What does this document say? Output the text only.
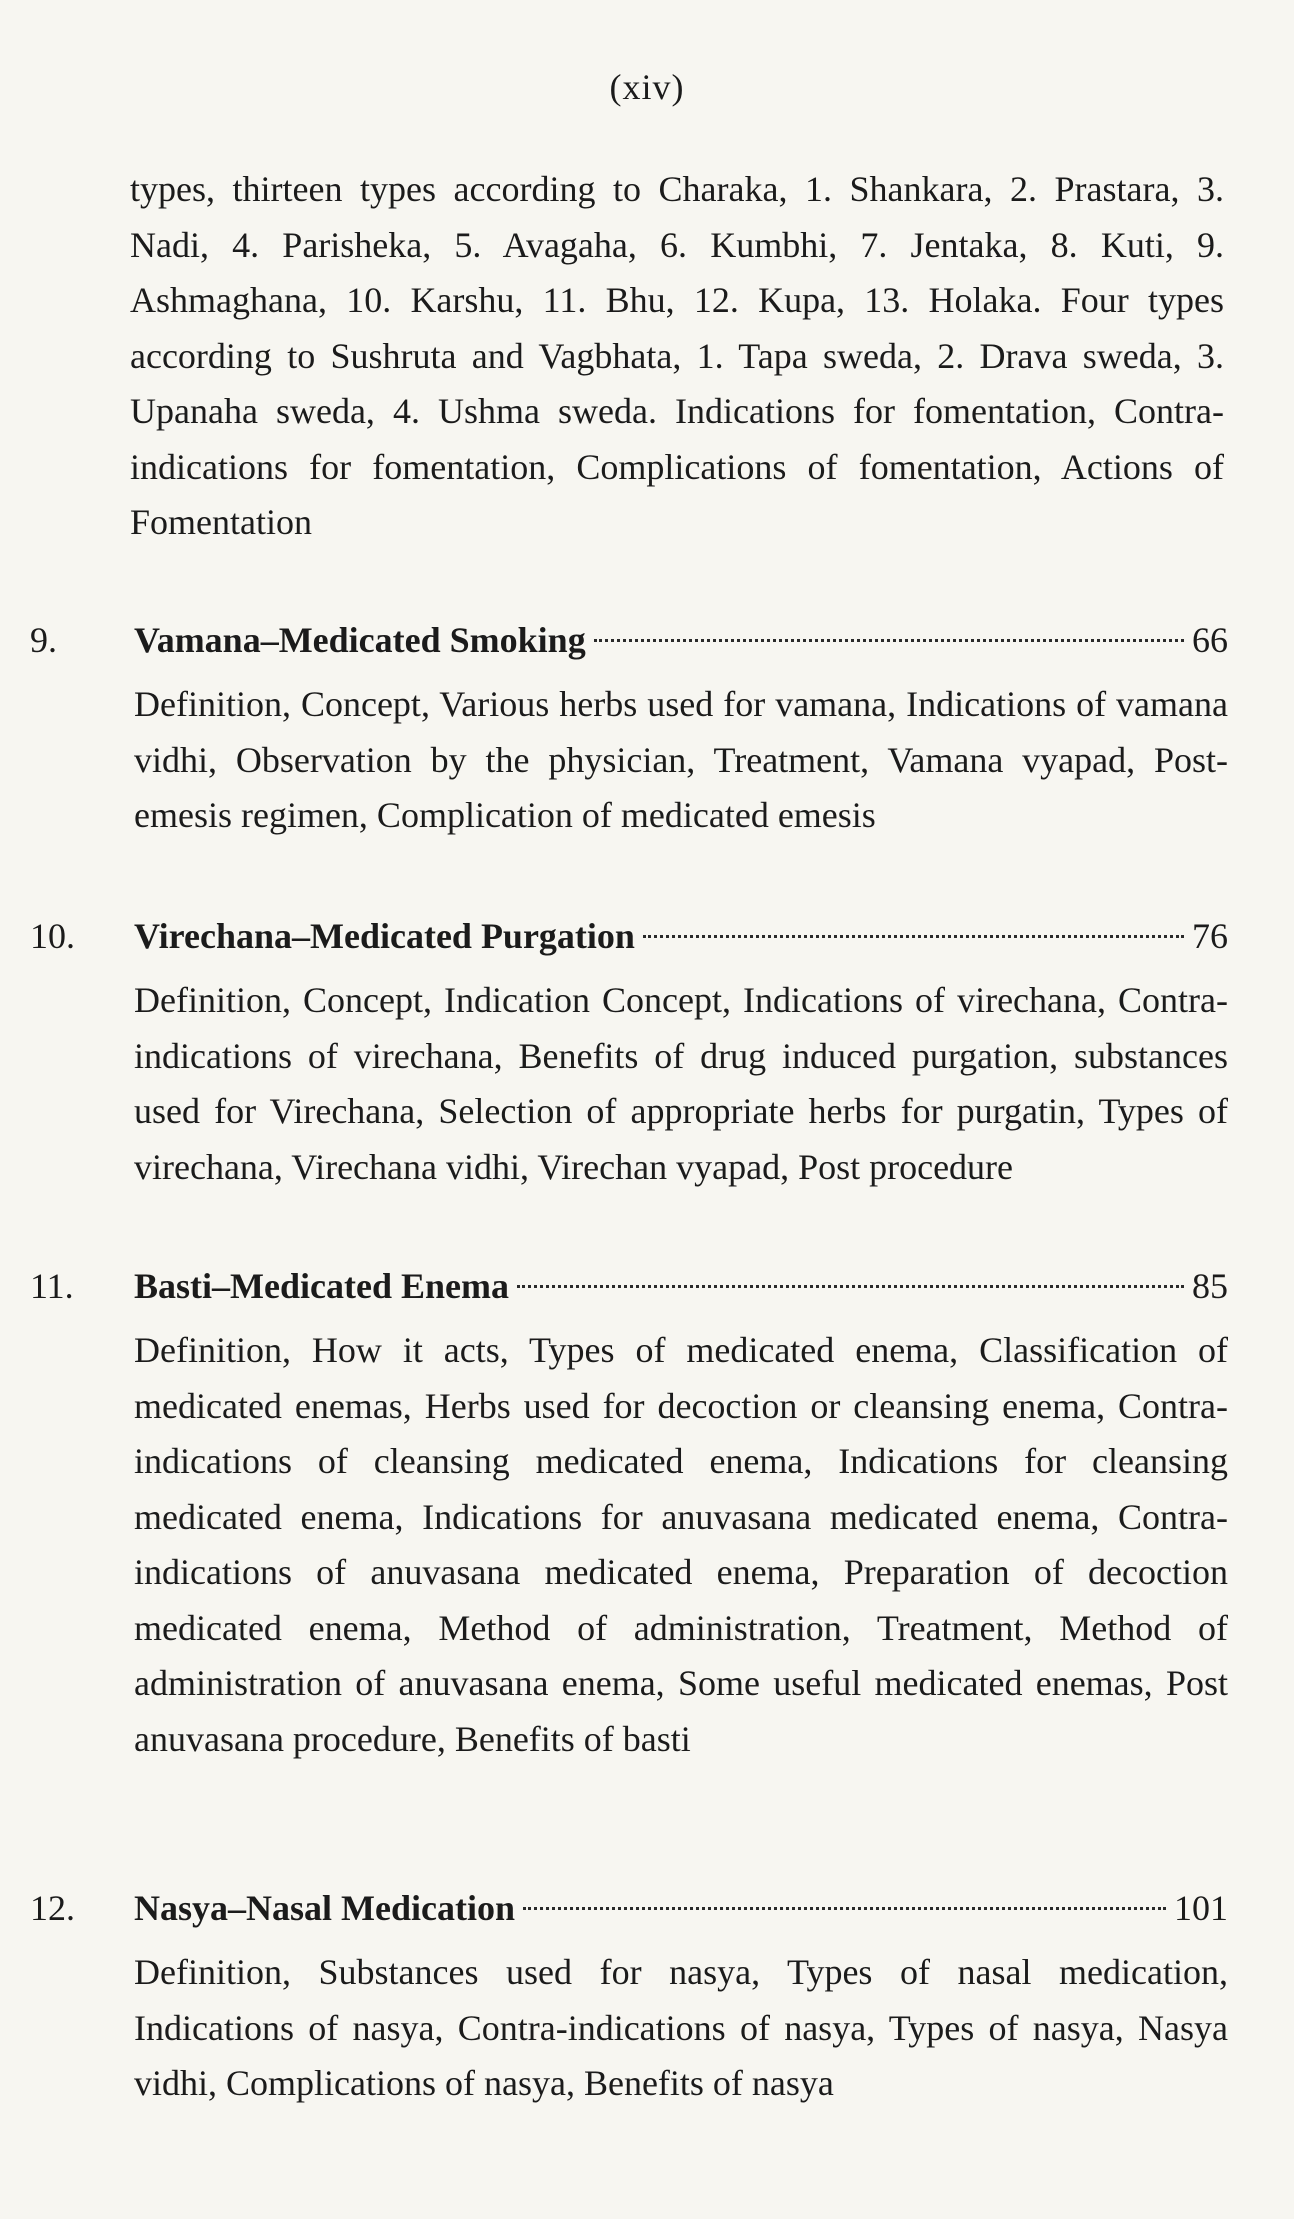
(xiv)
types, thirteen types according to Charaka, 1. Shankara, 2. Prastara, 3. Nadi, 4. Parisheka, 5. Avagaha, 6. Kumbhi, 7. Jentaka, 8. Kuti, 9. Ashmaghana, 10. Karshu, 11. Bhu, 12. Kupa, 13. Holaka. Four types according to Sushruta and Vagbhata, 1. Tapa sweda, 2. Drava sweda, 3. Upanaha sweda, 4. Ushma sweda. Indications for fomentation, Contra-indications for fomentation, Complications of fomentation, Actions of Fomentation
9. Vamana–Medicated Smoking	66
Definition, Concept, Various herbs used for vamana, Indications of vamana vidhi, Observation by the physician, Treatment, Vamana vyapad, Post-emesis regimen, Complication of medicated emesis
10. Virechana–Medicated Purgation	76
Definition, Concept, Indication Concept, Indications of virechana, Contra-indications of virechana, Benefits of drug induced purgation, substances used for Virechana, Selection of appropriate herbs for purgatin, Types of virechana, Virechana vidhi, Virechan vyapad, Post procedure
11. Basti–Medicated Enema	85
Definition, How it acts, Types of medicated enema, Classification of medicated enemas, Herbs used for decoction or cleansing enema, Contra-indications of cleansing medicated enema, Indications for cleansing medicated enema, Indications for anuvasana medicated enema, Contra-indications of anuvasana medicated enema, Preparation of decoction medicated enema, Method of administration, Treatment, Method of administration of anuvasana enema, Some useful medicated enemas, Post anuvasana procedure, Benefits of basti
12. Nasya–Nasal Medication	101
Definition, Substances used for nasya, Types of nasal medication, Indications of nasya, Contra-indications of nasya, Types of nasya, Nasya vidhi, Complications of nasya, Benefits of nasya
